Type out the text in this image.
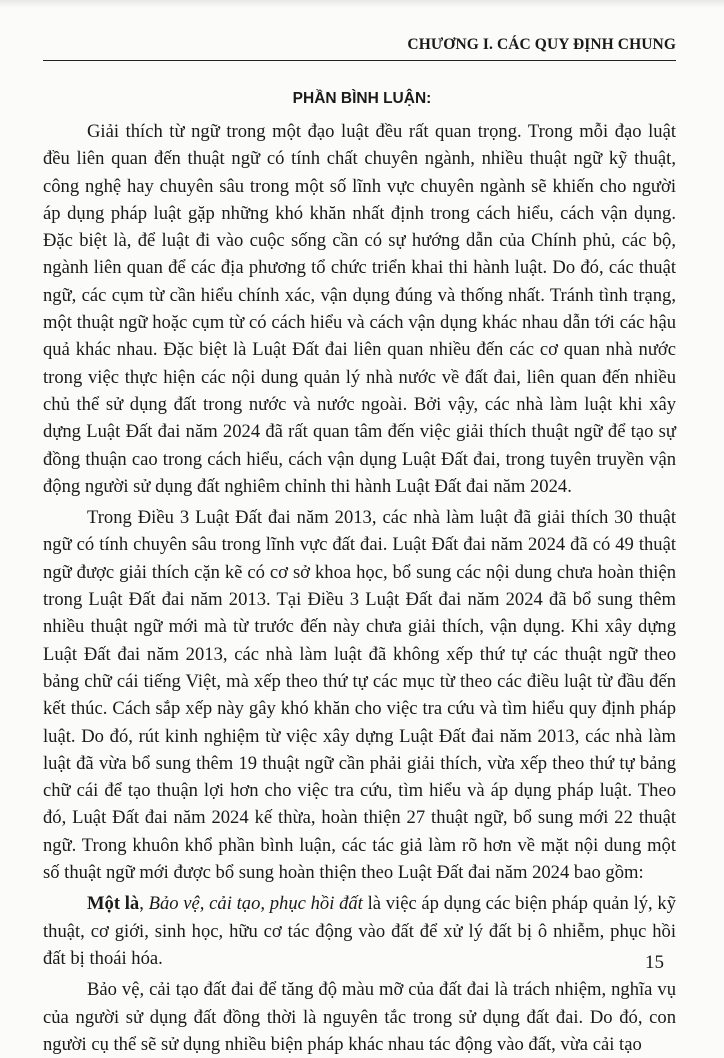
CHƯƠNG I. CÁC QUY ĐỊNH CHUNG
PHẦN BÌNH LUẬN:

Giải thích từ ngữ trong một đạo luật đều rất quan trọng. Trong mỗi đạo luật đều liên quan đến thuật ngữ có tính chất chuyên ngành, nhiều thuật ngữ kỹ thuật, công nghệ hay chuyên sâu trong một số lĩnh vực chuyên ngành sẽ khiến cho người áp dụng pháp luật gặp những khó khăn nhất định trong cách hiểu, cách vận dụng. Đặc biệt là, để luật đi vào cuộc sống cần có sự hướng dẫn của Chính phủ, các bộ, ngành liên quan để các địa phương tổ chức triển khai thi hành luật. Do đó, các thuật ngữ, các cụm từ cần hiểu chính xác, vận dụng đúng và thống nhất. Tránh tình trạng, một thuật ngữ hoặc cụm từ có cách hiểu và cách vận dụng khác nhau dẫn tới các hậu quả khác nhau. Đặc biệt là Luật Đất đai liên quan nhiều đến các cơ quan nhà nước trong việc thực hiện các nội dung quản lý nhà nước về đất đai, liên quan đến nhiều chủ thể sử dụng đất trong nước và nước ngoài. Bởi vậy, các nhà làm luật khi xây dựng Luật Đất đai năm 2024 đã rất quan tâm đến việc giải thích thuật ngữ để tạo sự đồng thuận cao trong cách hiểu, cách vận dụng Luật Đất đai, trong tuyên truyền vận động người sử dụng đất nghiêm chỉnh thi hành Luật Đất đai năm 2024.

Trong Điều 3 Luật Đất đai năm 2013, các nhà làm luật đã giải thích 30 thuật ngữ có tính chuyên sâu trong lĩnh vực đất đai. Luật Đất đai năm 2024 đã có 49 thuật ngữ được giải thích cặn kẽ có cơ sở khoa học, bổ sung các nội dung chưa hoàn thiện trong Luật Đất đai năm 2013. Tại Điều 3 Luật Đất đai năm 2024 đã bổ sung thêm nhiều thuật ngữ mới mà từ trước đến này chưa giải thích, vận dụng. Khi xây dựng Luật Đất đai năm 2013, các nhà làm luật đã không xếp thứ tự các thuật ngữ theo bảng chữ cái tiếng Việt, mà xếp theo thứ tự các mục từ theo các điều luật từ đầu đến kết thúc. Cách sắp xếp này gây khó khăn cho việc tra cứu và tìm hiểu quy định pháp luật. Do đó, rút kinh nghiệm từ việc xây dựng Luật Đất đai năm 2013, các nhà làm luật đã vừa bổ sung thêm 19 thuật ngữ cần phải giải thích, vừa xếp theo thứ tự bảng chữ cái để tạo thuận lợi hơn cho việc tra cứu, tìm hiểu và áp dụng pháp luật. Theo đó, Luật Đất đai năm 2024 kế thừa, hoàn thiện 27 thuật ngữ, bổ sung mới 22 thuật ngữ. Trong khuôn khổ phần bình luận, các tác giả làm rõ hơn về mặt nội dung một số thuật ngữ mới được bổ sung hoàn thiện theo Luật Đất đai năm 2024 bao gồm:

Một là, Bảo vệ, cải tạo, phục hồi đất là việc áp dụng các biện pháp quản lý, kỹ thuật, cơ giới, sinh học, hữu cơ tác động vào đất để xử lý đất bị ô nhiễm, phục hồi đất bị thoái hóa.

Bảo vệ, cải tạo đất đai để tăng độ màu mỡ của đất đai là trách nhiệm, nghĩa vụ của người sử dụng đất đồng thời là nguyên tắc trong sử dụng đất đai. Do đó, con người cụ thể sẽ sử dụng nhiều biện pháp khác nhau tác động vào đất, vừa cải tạo

15
